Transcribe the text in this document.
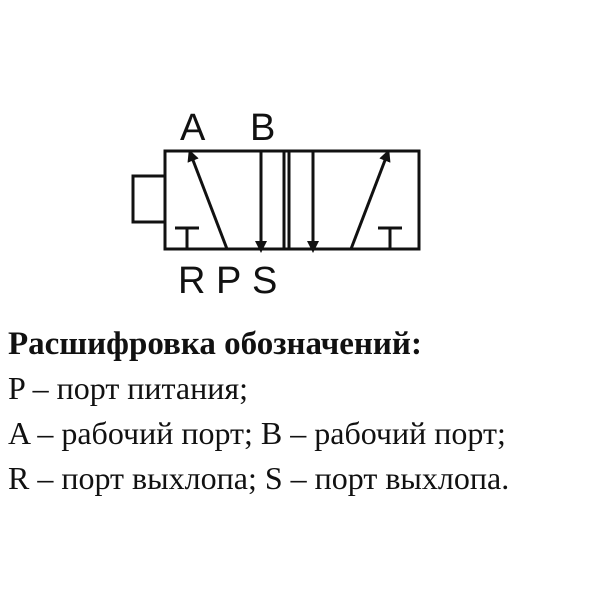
A B
R P S
Расшифровка обозначений:
P – порт питания;
A – рабочий порт; B – рабочий порт;
R – порт выхлопа; S – порт выхлопа.
